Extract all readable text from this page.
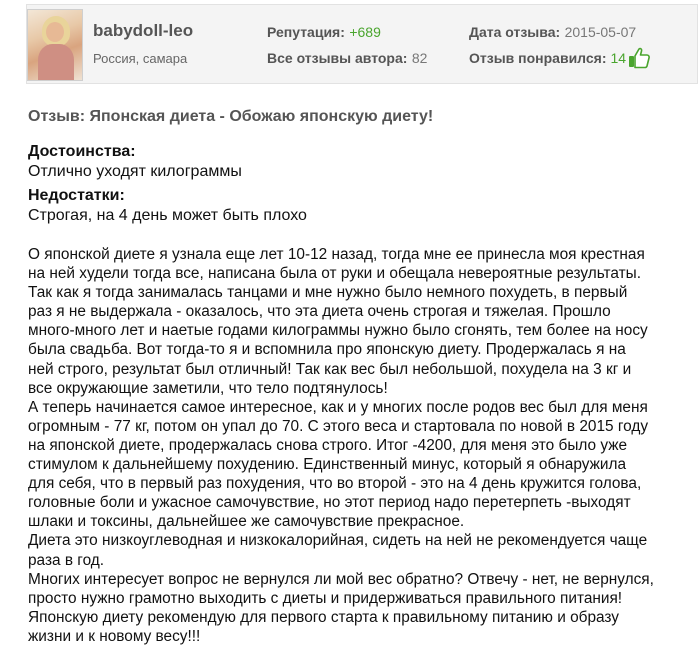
babydoll-leo
Россия, самара
Репутация: +689
Все отзывы автора: 82
Дата отзыва: 2015-05-07
Отзыв понравился: 14
Отзыв: Японская диета - Обожаю японскую диету!
Достоинства:
Отлично уходят килограммы
Недостатки:
Строгая, на 4 день может быть плохо
О японской диете я узнала еще лет 10-12 назад, тогда мне ее принесла моя крестная
на ней худели тогда все, написана была от руки и обещала невероятные результаты.
Так как я тогда занималась танцами и мне нужно было немного похудеть, в первый
раз я не выдержала - оказалось, что эта диета очень строгая и тяжелая. Прошло
много-много лет и наетые годами килограммы нужно было сгонять, тем более на носу
была свадьба. Вот тогда-то я и вспомнила про японскую диету. Продержалась я на
ней строго, результат был отличный! Так как вес был небольшой, похудела на 3 кг и
все окружающие заметили, что тело подтянулось!
А теперь начинается самое интересное, как и у многих после родов вес был для меня
огромным - 77 кг, потом он упал до 70. С этого веса и стартовала по новой в 2015 году
на японской диете, продержалась снова строго. Итог -4200, для меня это было уже
стимулом к дальнейшему похудению. Единственный минус, который я обнаружила
для себя, что в первый раз похудения, что во второй - это на 4 день кружится голова,
головные боли и ужасное самочувствие, но этот период надо перетерпеть -выходят
шлаки и токсины, дальнейшее же самочувствие прекрасное.
Диета это низкоуглеводная и низкокалорийная, сидеть на ней не рекомендуется чаще
раза в год.
Многих интересует вопрос не вернулся ли мой вес обратно? Отвечу - нет, не вернулся,
просто нужно грамотно выходить с диеты и придерживаться правильного питания!
Японскую диету рекомендую для первого старта к правильному питанию и образу
жизни и к новому весу!!!
